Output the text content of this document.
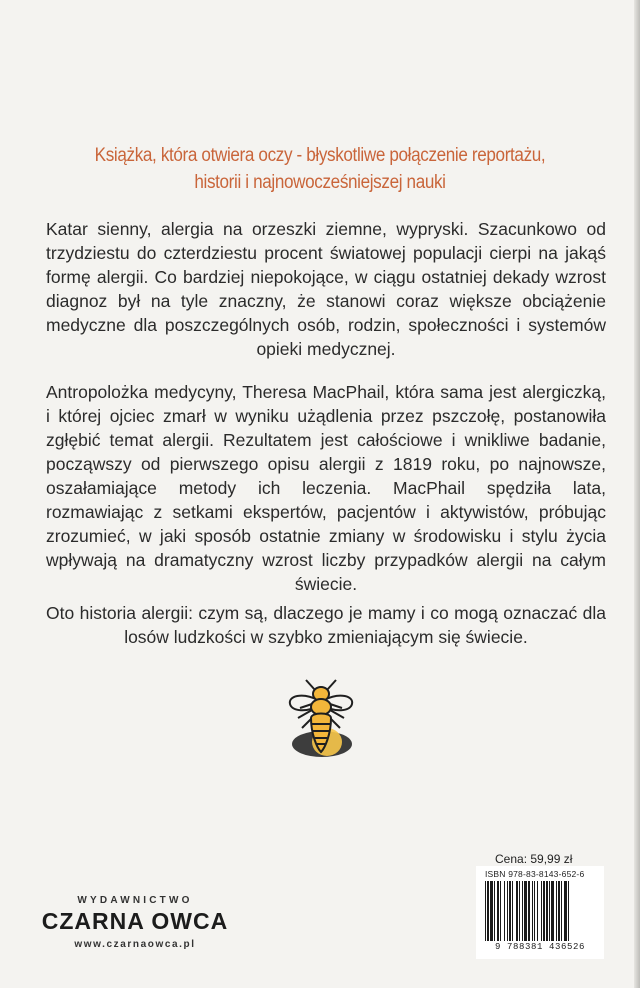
Książka, która otwiera oczy - błyskotliwe połączenie reportażu,
historii i najnowocześniejszej nauki
Katar sienny, alergia na orzeszki ziemne, wypryski. Szacunkowo od trzydziestu do czterdziestu procent światowej populacji cierpi na jakąś formę alergii. Co bardziej niepokojące, w ciągu ostatniej dekady wzrost diagnoz był na tyle znaczny, że stanowi coraz większe obciążenie medyczne dla poszczególnych osób, rodzin, społeczności i systemów opieki medycznej.
Antropolożka medycyny, Theresa MacPhail, która sama jest alergiczką, i której ojciec zmarł w wyniku użądlenia przez pszczołę, postanowiła zgłębić temat alergii. Rezultatem jest całościowe i wnikliwe badanie, począwszy od pierwszego opisu alergii z 1819 roku, po najnowsze, oszałamiające metody ich leczenia. MacPhail spędziła lata, rozmawiając z setkami ekspertów, pacjentów i aktywistów, próbując zrozumieć, w jaki sposób ostatnie zmiany w środowisku i stylu życia wpływają na dramatyczny wzrost liczby przypadków alergii na całym świecie.
Oto historia alergii: czym są, dlaczego je mamy i co mogą oznaczać dla losów ludzkości w szybko zmieniającym się świecie.
WYDAWNICTWO
CZARNA OWCA
www.czarnaowca.pl
Cena: 59,99 zł
ISBN 978-83-8143-652-6
9 788381 436526
